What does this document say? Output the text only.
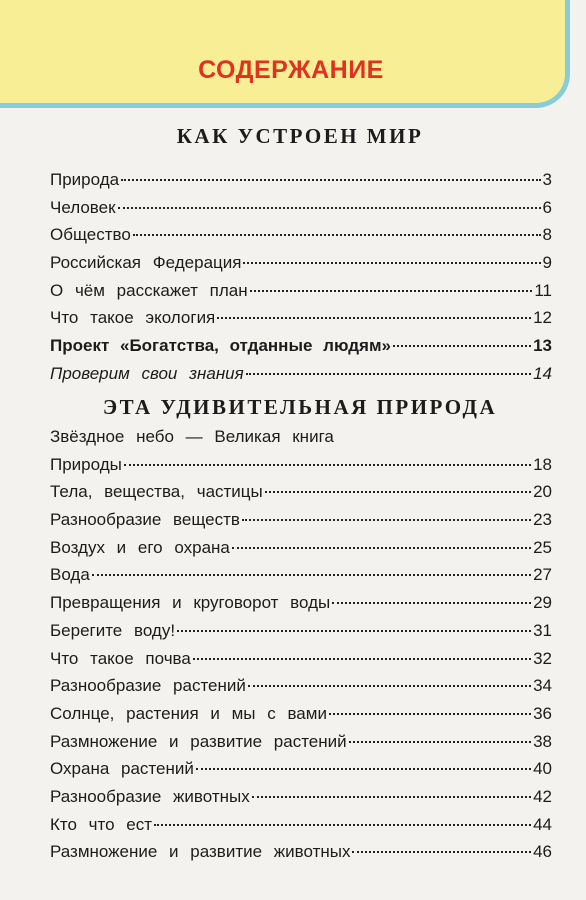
СОДЕРЖАНИЕ
КАК УСТРОЕН МИР
Природа	3
Человек	6
Общество	8
Российская Федерация	9
О чём расскажет план	11
Что такое экология	12
Проект «Богатства, отданные людям»	13
Проверим свои знания	14
ЭТА УДИВИТЕЛЬНАЯ ПРИРОДА
Звёздное небо — Великая книга
Природы	18
Тела, вещества, частицы	20
Разнообразие веществ	23
Воздух и его охрана	25
Вода	27
Превращения и круговорот воды	29
Берегите воду!	31
Что такое почва	32
Разнообразие растений	34
Солнце, растения и мы с вами	36
Размножение и развитие растений	38
Охрана растений	40
Разнообразие животных	42
Кто что ест	44
Размножение и развитие животных	46
